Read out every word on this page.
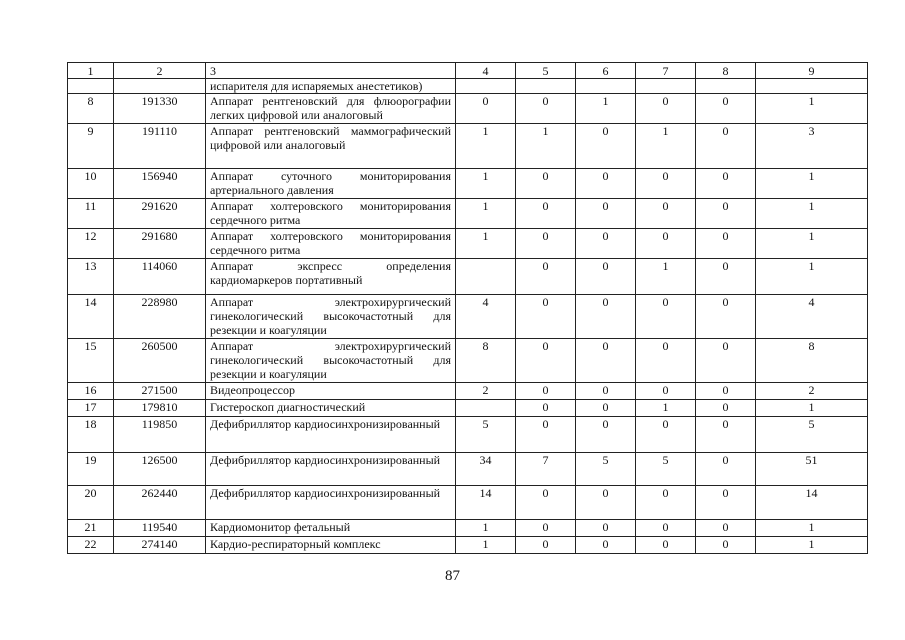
1	2	3	4	5	6	7	8	9
		испарителя для испаряемых анестетиков)						
8	191330	Аппарат рентгеновский для флюорографии легких цифровой или аналоговый	0	0	1	0	0	1
9	191110	Аппарат рентгеновский маммографический цифровой или аналоговый	1	1	0	1	0	3
10	156940	Аппарат суточного мониторирования артериального давления	1	0	0	0	0	1
11	291620	Аппарат холтеровского мониторирования сердечного ритма	1	0	0	0	0	1
12	291680	Аппарат холтеровского мониторирования сердечного ритма	1	0	0	0	0	1
13	114060	Аппарат экспресс определения кардиомаркеров портативный		0	0	1	0	1
14	228980	Аппарат электрохирургический гинекологический высокочастотный для резекции и коагуляции	4	0	0	0	0	4
15	260500	Аппарат электрохирургический гинекологический высокочастотный для резекции и коагуляции	8	0	0	0	0	8
16	271500	Видеопроцессор	2	0	0	0	0	2
17	179810	Гистероскоп диагностический		0	0	1	0	1
18	119850	Дефибриллятор кардиосинхронизированный	5	0	0	0	0	5
19	126500	Дефибриллятор кардиосинхронизированный	34	7	5	5	0	51
20	262440	Дефибриллятор кардиосинхронизированный	14	0	0	0	0	14
21	119540	Кардиомонитор фетальный	1	0	0	0	0	1
22	274140	Кардио-респираторный комплекс	1	0	0	0	0	1
87
